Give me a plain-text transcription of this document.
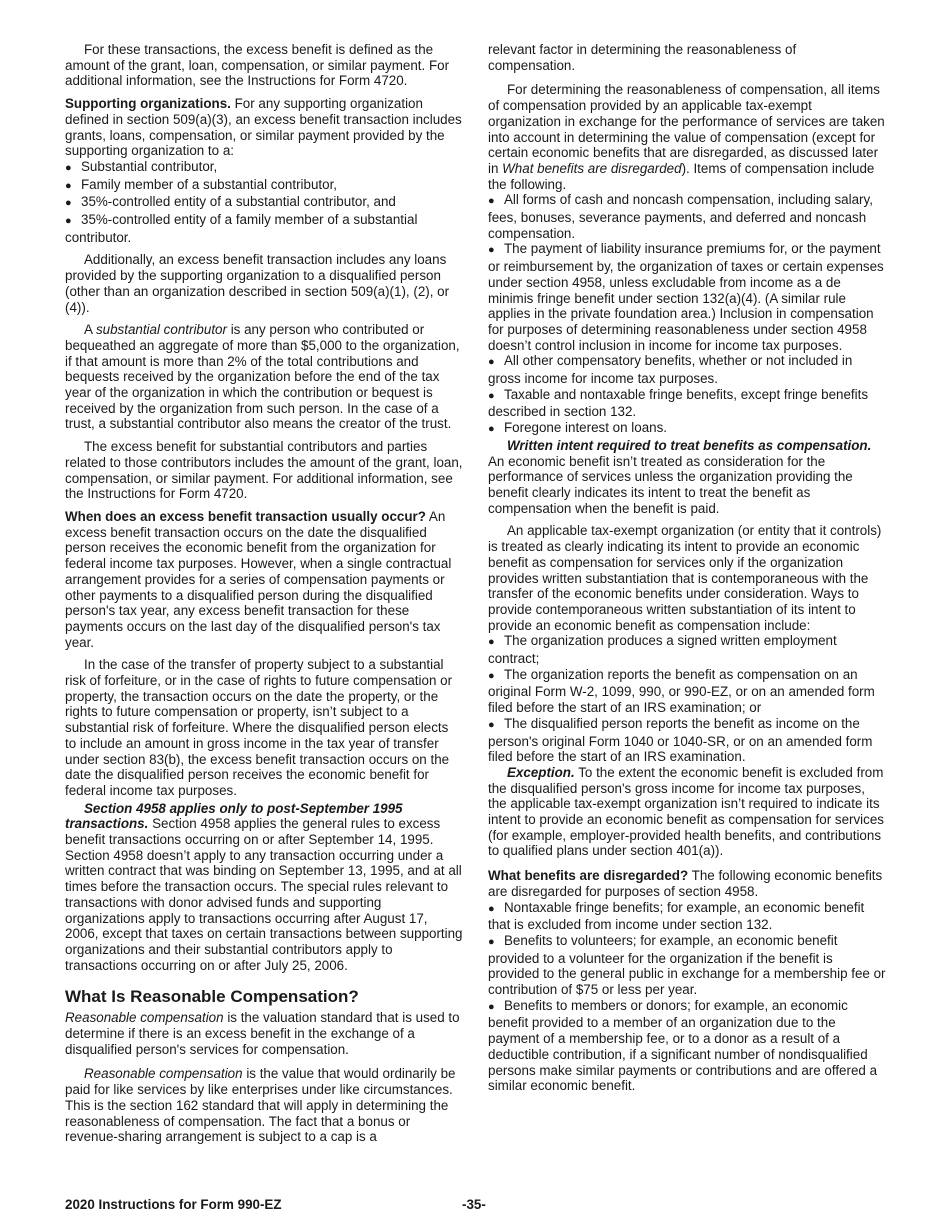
For these transactions, the excess benefit is defined as the amount of the grant, loan, compensation, or similar payment. For additional information, see the Instructions for Form 4720.

Supporting organizations. For any supporting organization defined in section 509(a)(3), an excess benefit transaction includes grants, loans, compensation, or similar payment provided by the supporting organization to a:

● Substantial contributor,

● Family member of a substantial contributor,

● 35%-controlled entity of a substantial contributor, and

● 35%-controlled entity of a family member of a substantial contributor.

Additionally, an excess benefit transaction includes any loans provided by the supporting organization to a disqualified person (other than an organization described in section 509(a)(1), (2), or (4)).

A substantial contributor is any person who contributed or bequeathed an aggregate of more than $5,000 to the organization, if that amount is more than 2% of the total contributions and bequests received by the organization before the end of the tax year of the organization in which the contribution or bequest is received by the organization from such person. In the case of a trust, a substantial contributor also means the creator of the trust.

The excess benefit for substantial contributors and parties related to those contributors includes the amount of the grant, loan, compensation, or similar payment. For additional information, see the Instructions for Form 4720.

When does an excess benefit transaction usually occur? An excess benefit transaction occurs on the date the disqualified person receives the economic benefit from the organization for federal income tax purposes. However, when a single contractual arrangement provides for a series of compensation payments or other payments to a disqualified person during the disqualified person's tax year, any excess benefit transaction for these payments occurs on the last day of the disqualified person's tax year.

In the case of the transfer of property subject to a substantial risk of forfeiture, or in the case of rights to future compensation or property, the transaction occurs on the date the property, or the rights to future compensation or property, isn’t subject to a substantial risk of forfeiture. Where the disqualified person elects to include an amount in gross income in the tax year of transfer under section 83(b), the excess benefit transaction occurs on the date the disqualified person receives the economic benefit for federal income tax purposes.

Section 4958 applies only to post-September 1995 transactions. Section 4958 applies the general rules to excess benefit transactions occurring on or after September 14, 1995. Section 4958 doesn’t apply to any transaction occurring under a written contract that was binding on September 13, 1995, and at all times before the transaction occurs. The special rules relevant to transactions with donor advised funds and supporting organizations apply to transactions occurring after August 17, 2006, except that taxes on certain transactions between supporting organizations and their substantial contributors apply to transactions occurring on or after July 25, 2006.

What Is Reasonable Compensation?

Reasonable compensation is the valuation standard that is used to determine if there is an excess benefit in the exchange of a disqualified person's services for compensation.

Reasonable compensation is the value that would ordinarily be paid for like services by like enterprises under like circumstances. This is the section 162 standard that will apply in determining the reasonableness of compensation. The fact that a bonus or revenue-sharing arrangement is subject to a cap is a

relevant factor in determining the reasonableness of compensation.

For determining the reasonableness of compensation, all items of compensation provided by an applicable tax-exempt organization in exchange for the performance of services are taken into account in determining the value of compensation (except for certain economic benefits that are disregarded, as discussed later in What benefits are disregarded). Items of compensation include the following.

● All forms of cash and noncash compensation, including salary, fees, bonuses, severance payments, and deferred and noncash compensation.

● The payment of liability insurance premiums for, or the payment or reimbursement by, the organization of taxes or certain expenses under section 4958, unless excludable from income as a de minimis fringe benefit under section 132(a)(4). (A similar rule applies in the private foundation area.) Inclusion in compensation for purposes of determining reasonableness under section 4958 doesn’t control inclusion in income for income tax purposes.

● All other compensatory benefits, whether or not included in gross income for income tax purposes.

● Taxable and nontaxable fringe benefits, except fringe benefits described in section 132.

● Foregone interest on loans.

Written intent required to treat benefits as compensation. An economic benefit isn’t treated as consideration for the performance of services unless the organization providing the benefit clearly indicates its intent to treat the benefit as compensation when the benefit is paid.

An applicable tax-exempt organization (or entity that it controls) is treated as clearly indicating its intent to provide an economic benefit as compensation for services only if the organization provides written substantiation that is contemporaneous with the transfer of the economic benefits under consideration. Ways to provide contemporaneous written substantiation of its intent to provide an economic benefit as compensation include:

● The organization produces a signed written employment contract;

● The organization reports the benefit as compensation on an original Form W-2, 1099, 990, or 990-EZ, or on an amended form filed before the start of an IRS examination; or

● The disqualified person reports the benefit as income on the person's original Form 1040 or 1040-SR, or on an amended form filed before the start of an IRS examination.

Exception. To the extent the economic benefit is excluded from the disqualified person's gross income for income tax purposes, the applicable tax-exempt organization isn’t required to indicate its intent to provide an economic benefit as compensation for services (for example, employer-provided health benefits, and contributions to qualified plans under section 401(a)).

What benefits are disregarded? The following economic benefits are disregarded for purposes of section 4958.

● Nontaxable fringe benefits; for example, an economic benefit that is excluded from income under section 132.

● Benefits to volunteers; for example, an economic benefit provided to a volunteer for the organization if the benefit is provided to the general public in exchange for a membership fee or contribution of $75 or less per year.

● Benefits to members or donors; for example, an economic benefit provided to a member of an organization due to the payment of a membership fee, or to a donor as a result of a deductible contribution, if a significant number of nondisqualified persons make similar payments or contributions and are offered a similar economic benefit.

2020 Instructions for Form 990-EZ	-35-
